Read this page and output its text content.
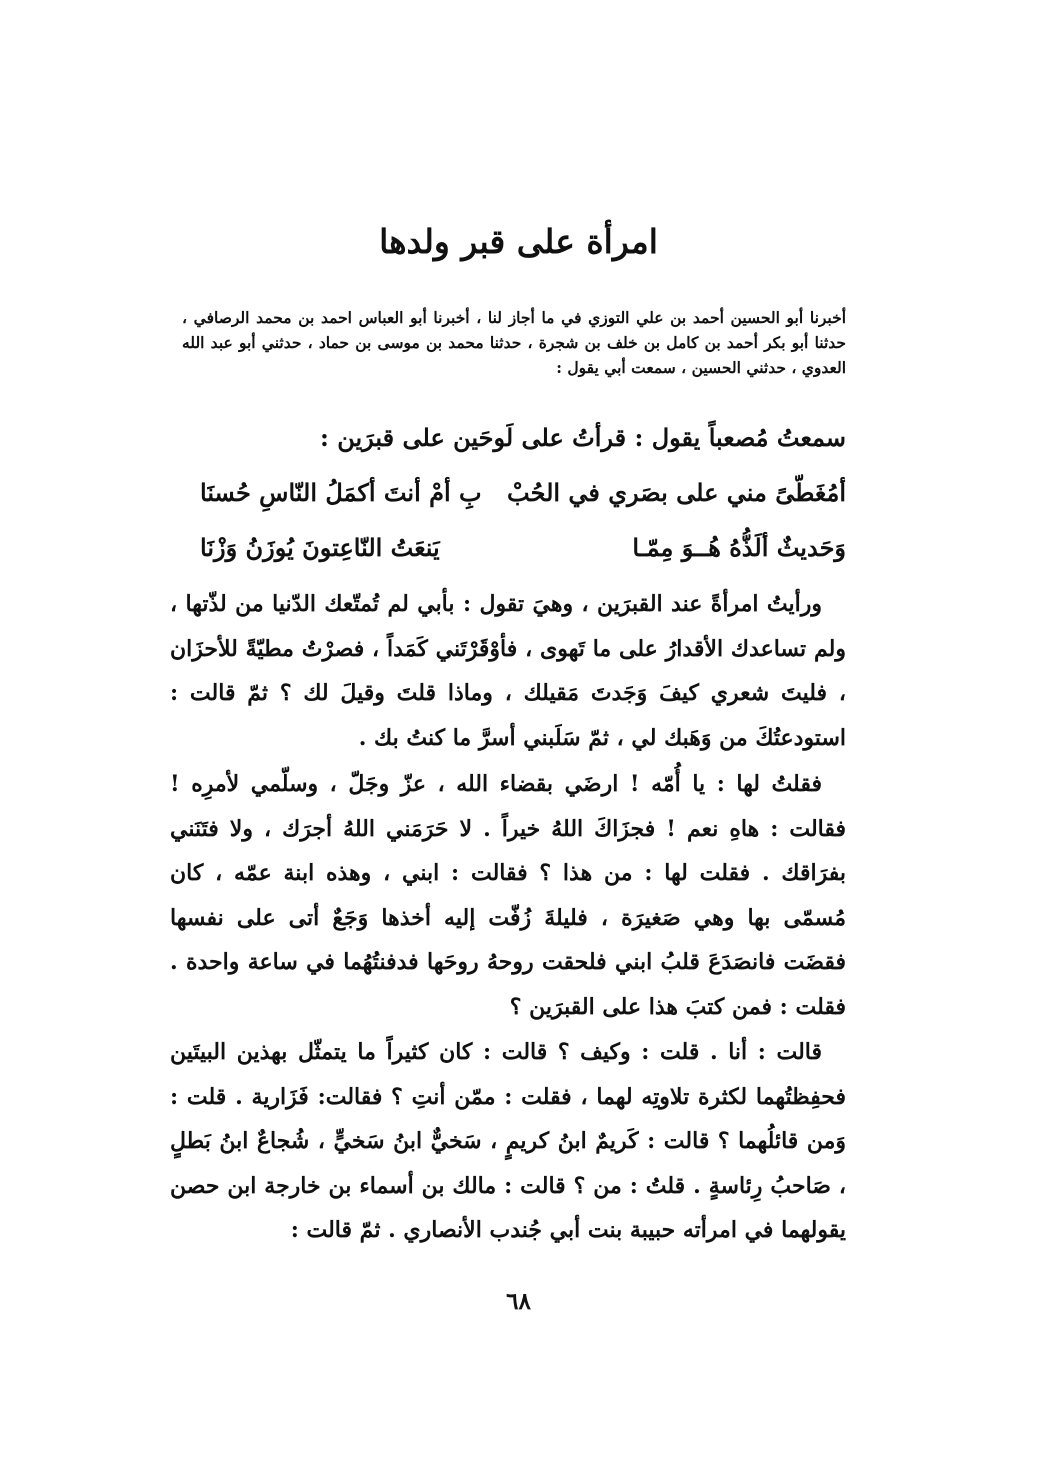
امرأة على قبر ولدها

أخبرنا أبو الحسين أحمد بن علي التوزي في ما أجاز لنا ، أخبرنا أبو العباس احمد بن محمد الرصافي ، حدثنا أبو بكر أحمد بن كامل بن خلف بن شجرة ، حدثنا محمد بن موسى بن حماد ، حدثني أبو عبد الله العدوي ، حدثني الحسين ، سمعت أبي يقول :

سمعتُ مُصعباً يقول : قرأتُ على لَوحَين على قبرَين :

أمُغَطّىً مني على بصَري في الحُبْ
بِ أمْ أنتَ أكمَلُ النّاسِ حُسنَا
وَحَديثٌ ألَذُّهُ هُــوَ مِمّـا
يَنعَتُ النّاعِتونَ يُوزَنُ وَزْنَا

ورأيتُ امرأةً عند القبرَين ، وهيَ تقول : بأبي لم تُمتّعك الدّنيا من لذّتها ، ولم تساعدك الأقدارُ على ما تَهوى ، فأوْقَرْتَني كَمَداً ، فصرْتُ مطيّةً للأحزَان ، فليتَ شعري كيفَ وَجَدتَ مَقيلك ، وماذا قلتَ وقيلَ لك ؟ ثمّ قالت : استودعتُكَ من وَهَبك لي ، ثمّ سَلَبني أسرَّ ما كنتُ بك .

فقلتُ لها : يا أُمّه ! ارضَي بقضاء الله ، عزّ وجَلّ ، وسلّمي لأمرِه ! فقالت : هاهِ نعم ! فجزَاكَ اللهُ خيراً . لا حَرَمَني اللهُ أجرَك ، ولا فتَنَني بفرَاقك . فقلت لها : من هذا ؟ فقالت : ابني ، وهذه ابنة عمّه ، كان مُسمّى بها وهي صَغيرَة ، فليلةَ زُفّت إليه أخذها وَجَعٌ أتى على نفسها فقضَت فانصَدَعَ قلبُ ابني فلحقت روحهُ روحَها فدفنتُهُما في ساعة واحدة . فقلت : فمن كتبَ هذا على القبرَين ؟

قالت : أنا . قلت : وكيف ؟ قالت : كان كثيراً ما يتمثّل بهذين البيتَين فحفِظتُهما لكثرة تلاوتِه لهما ، فقلت : ممّن أنتِ ؟ فقالت: فَزَارية . قلت : وَمن قائلُهما ؟ قالت : كَريمٌ ابنُ كريمٍ ، سَخيٌّ ابنُ سَخيٍّ ، شُجاعٌ ابنُ بَطلٍ ، صَاحبُ رِئاسةٍ . قلتُ : من ؟ قالت : مالك بن أسماء بن خارجة ابن حصن يقولهما في امرأته حبيبة بنت أبي جُندب الأنصاري . ثمّ قالت :

٦٨
